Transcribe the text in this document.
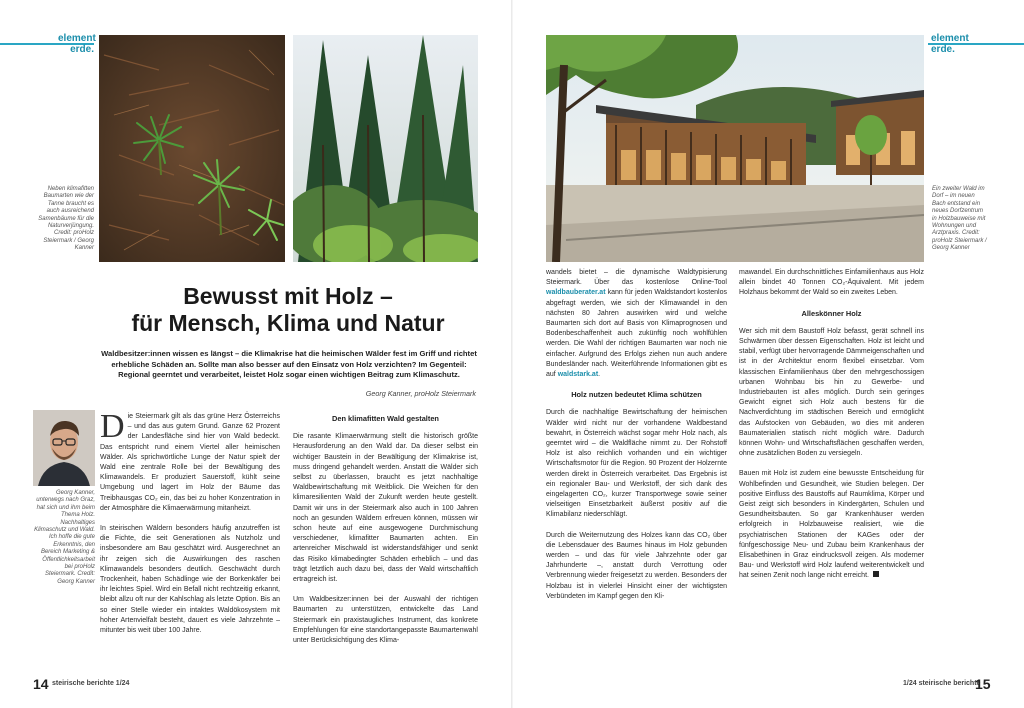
element
erde.
element
erde.
Neben klimafitten Baumarten wie der Tanne braucht es auch ausreichend Samenbäume für die Naturverjüngung. Credit: proHolz Steiermark / Georg Kanner
Ein zweiter Wald im Dorf – im neuen Bach entstand ein neues Dorfzentrum in Holzbauweise mit Wohnungen und Arztpraxis. Credit: proHolz Steiermark / Georg Kanner
Bewusst mit Holz –
für Mensch, Klima und Natur
Waldbesitzer:innen wissen es längst – die Klimakrise hat die heimischen Wälder fest im Griff und richtet erhebliche Schäden an. Sollte man also besser auf den Einsatz von Holz verzichten? Im Gegenteil: Regional geerntet und verarbeitet, leistet Holz sogar einen wichtigen Beitrag zum Klimaschutz.
Georg Kanner, proHolz Steiermark
Georg Kanner, unterwegs nach Graz, hat sich und ihm beim Thema Holz. Nachhaltiges Klimaschutz und Wald. Ich hoffe die gute Erkenntnis, den Bereich Marketing & Öffentlichkeitsarbeit bei proHolz Steiermark. Credit: Georg Kanner

Die Steiermark gilt als das grüne Herz Österreichs – und das aus gutem Grund. Ganze 62 Prozent der Landesfläche sind hier von Wald bedeckt. Das entspricht rund einem Viertel aller heimischen Wälder. Als sprichwörtliche Lunge der Natur spielt der Wald eine zentrale Rolle bei der Bewältigung des Klimawandels. Er produziert Sauerstoff, kühlt seine Umgebung und lagert im Holz der Bäume das Treibhausgas CO₂ ein, das bei zu hoher Konzentration in der Atmosphäre die Klimaerwärmung mitanheizt.

In steirischen Wäldern besonders häufig anzutreffen ist die Fichte, die seit Generationen als Nutzholz und insbesondere am Bau geschätzt wird. Ausgerechnet an ihr zeigen sich die Auswirkungen des raschen Klimawandels besonders deutlich. Geschwächt durch Trockenheit, haben Schädlinge wie der Borkenkäfer bei ihr leichtes Spiel. Wird ein Befall nicht rechtzeitig erkannt, bleibt allzu oft nur der Kahlschlag als letzte Option. Bis an so einer Stelle wieder ein intaktes Waldökosystem mit hoher Artenvielfalt besteht, dauert es viele Jahrzehnte – mitunter bis weit über 100 Jahre.

Den klimafitten Wald gestalten

Die rasante Klimaerwärmung stellt die historisch größte Herausforderung an den Wald dar. Da dieser selbst ein wichtiger Baustein in der Bewältigung der Klimakrise ist, muss dringend gehandelt werden. Anstatt die Wälder sich selbst zu überlassen, braucht es jetzt nachhaltige Waldbewirtschaftung mit Weitblick. Die Weichen für den klimaresilienten Wald der Zukunft werden heute gestellt. Damit wir uns in der Steiermark also auch in 100 Jahren noch an gesunden Wäldern erfreuen können, müssen wir schon heute auf eine ausgewogene Durchmischung verschiedener, klimafitter Baumarten achten. Ein artenreicher Mischwald ist widerstandsfähiger und senkt das Risiko klimabedingter Schäden erheblich – und das trägt letztlich auch dazu bei, dass der Wald wirtschaftlich ertragreich ist.

Um Waldbesitzer:innen bei der Auswahl der richtigen Baumarten zu unterstützen, entwickelte das Land Steiermark ein praxistaugliches Instrument, das konkrete Empfehlungen für eine standortangepasste Baumartenwahl unter Berücksichtigung des Klima-

wandels bietet – die dynamische Waldtypisierung Steiermark. Über das kostenlose Online-Tool waldbauberater.at kann für jeden Waldstandort kostenlos abgefragt werden, wie sich der Klimawandel in den nächsten 80 Jahren auswirken wird und welche Baumarten sich dort auf Basis von Klimaprognosen und Bodenbeschaffenheit auch zukünftig noch wohlfühlen werden. Die Wahl der richtigen Baumarten war noch nie einfacher. Aufgrund des Erfolgs ziehen nun auch andere Bundesländer nach. Weiterführende Informationen gibt es auf waldstark.at.

Holz nutzen bedeutet Klima schützen

Durch die nachhaltige Bewirtschaftung der heimischen Wälder wird nicht nur der vorhandene Waldbestand bewahrt, in Österreich wächst sogar mehr Holz nach, als geerntet wird – die Waldfläche nimmt zu. Der Rohstoff Holz ist also reichlich vorhanden und ein wichtiger Wirtschaftsmotor für die Region. 90 Prozent der Holzernte werden direkt in Österreich verarbeitet. Das Ergebnis ist ein regionaler Bau- und Werkstoff, der sich dank des eingelagerten CO₂, kurzer Transportwege sowie seiner vielseitigen Einsetzbarkeit äußerst positiv auf die Klimabilanz niederschlägt.

Durch die Weiternutzung des Holzes kann das CO₂ über die Lebensdauer des Baumes hinaus im Holz gebunden werden – und das für viele Jahrzehnte oder gar Jahrhunderte –, anstatt durch Verrottung oder Verbrennung wieder freigesetzt zu werden. Besonders der Holzbau ist in vielerlei Hinsicht einer der wichtigsten Verbündeten im Kampf gegen den Kli-

mawandel. Ein durchschnittliches Einfamilienhaus aus Holz allein bindet 40 Tonnen CO₂-Äquivalent. Mit jedem Holzhaus bekommt der Wald so ein zweites Leben.

Alleskönner Holz

Wer sich mit dem Baustoff Holz befasst, gerät schnell ins Schwärmen über dessen Eigenschaften. Holz ist leicht und stabil, verfügt über hervorragende Dämmeigenschaften und ist in der Architektur enorm flexibel einsetzbar. Vom klassischen Einfamilienhaus über den mehrgeschossigen urbanen Wohnbau bis hin zu Gewerbe- und Industriebauten ist alles möglich. Durch sein geringes Gewicht eignet sich Holz auch bestens für die Nachverdichtung im städtischen Bereich und ermöglicht das Aufstocken von Gebäuden, wo dies mit anderen Baumaterialien statisch nicht möglich wäre. Dadurch können Wohn- und Wirtschaftsflächen geschaffen werden, ohne zusätzlichen Boden zu versiegeln.

Bauen mit Holz ist zudem eine bewusste Entscheidung für Wohlbefinden und Gesundheit, wie Studien belegen. Der positive Einfluss des Baustoffs auf Raumklima, Körper und Geist zeigt sich besonders in Kindergärten, Schulen und Gesundheitsbauten. So gar Krankenhäuser werden erfolgreich in Holzbauweise realisiert, wie die psychiatrischen Stationen der KAGes oder der fünfgeschossige Neu- und Zubau beim Krankenhaus der Elisabethinen in Graz eindrucksvoll zeigen. Als moderner Bau- und Werkstoff wird Holz laufend weiterentwickelt und hat seinen Zenit noch lange nicht erreicht.

14 steirische berichte 1/24	1/24 steirische berichte
15
